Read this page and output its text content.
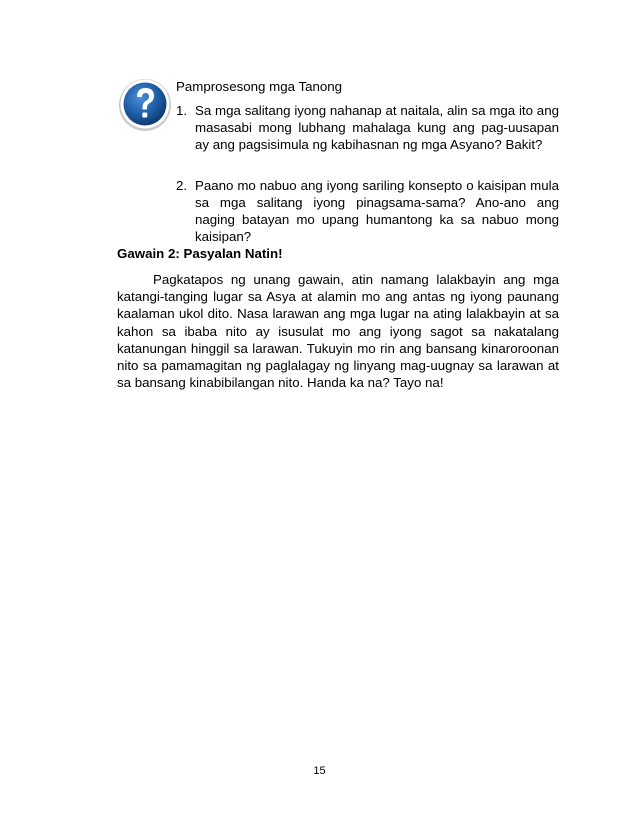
Pamprosesong mga Tanong
1. Sa mga salitang iyong nahanap at naitala, alin sa mga ito ang masasabi mong lubhang mahalaga kung ang pag-uusapan ay ang pagsisimula ng kabihasnan ng mga Asyano? Bakit?
2. Paano mo nabuo ang iyong sariling konsepto o kaisipan mula sa mga salitang iyong pinagsama-sama? Ano-ano ang naging batayan mo upang humantong ka sa nabuo mong kaisipan?
Gawain 2: Pasyalan Natin!

Pagkatapos ng unang gawain, atin namang lalakbayin ang mga katangi-tanging lugar sa Asya at alamin mo ang antas ng iyong paunang kaalaman ukol dito. Nasa larawan ang mga lugar na ating lalakbayin at sa kahon sa ibaba nito ay isusulat mo ang iyong sagot sa nakatalang katanungan hinggil sa larawan. Tukuyin mo rin ang bansang kinaroroonan nito sa pamamagitan ng paglalagay ng linyang mag-uugnay sa larawan at sa bansang kinabibilangan nito. Handa ka na? Tayo na!

15
